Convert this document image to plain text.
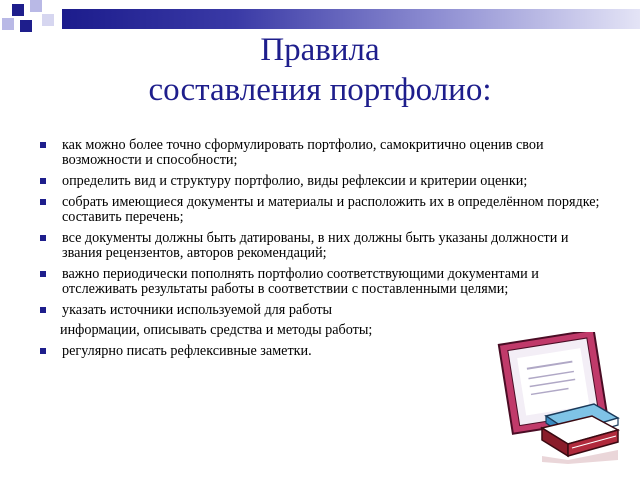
Правила
составления портфолио:
как можно более точно сформулировать портфолио, самокритично оценив свои возможности и способности;
определить вид и структуру портфолио, виды рефлексии и критерии оценки;
собрать имеющиеся документы и материалы и расположить их в определённом порядке; составить перечень;
все документы должны быть датированы, в них должны быть указаны должности и звания рецензентов, авторов рекомендаций;
важно периодически пополнять портфолио соответствующими документами и отслеживать результаты работы в соответствии с поставленными целями;
указать источники используемой для работы
информации, описывать средства и методы работы;
регулярно писать рефлексивные заметки.
